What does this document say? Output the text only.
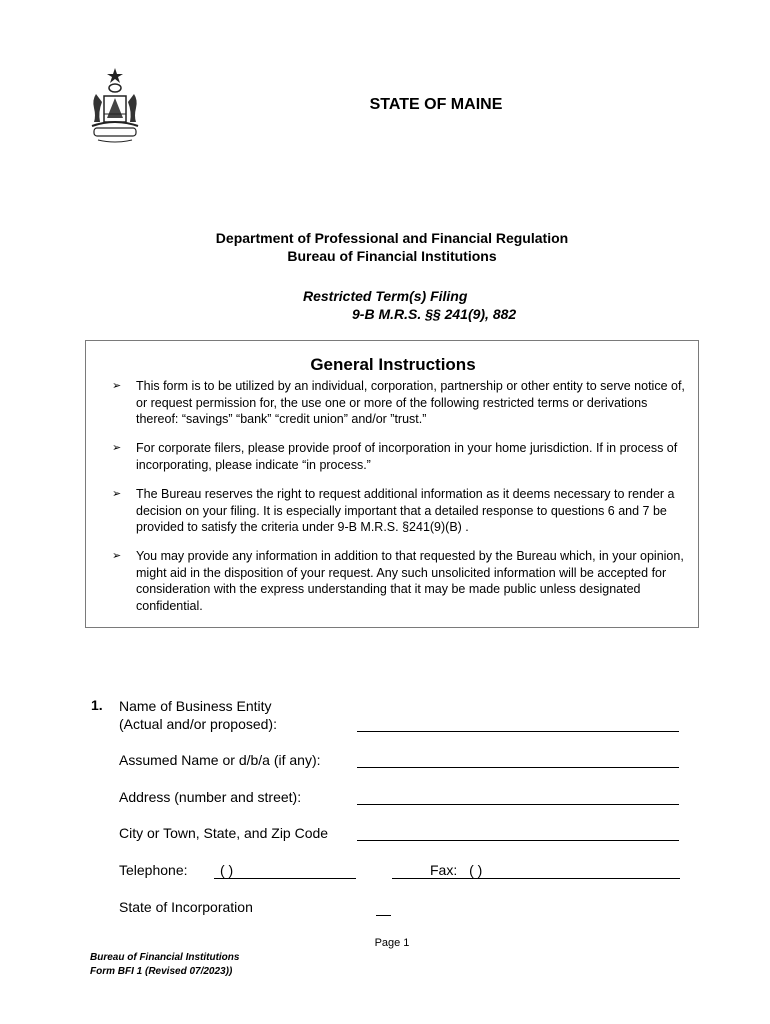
STATE OF MAINE
Department of Professional and Financial Regulation
Bureau of Financial Institutions
Restricted Term(s) Filing
9-B M.R.S. §§ 241(9), 882
General Instructions
➢ This form is to be utilized by an individual, corporation, partnership or other entity to serve notice of, or request permission for, the use one or more of the following restricted terms or derivations thereof: “savings” “bank” “credit union” and/or ”trust.”
➢ For corporate filers, please provide proof of incorporation in your home jurisdiction. If in process of incorporating, please indicate “in process.”
➢ The Bureau reserves the right to request additional information as it deems necessary to render a decision on your filing. It is especially important that a detailed response to questions 6 and 7 be provided to satisfy the criteria under 9-B M.R.S. §241(9)(B) .
➢ You may provide any information in addition to that requested by the Bureau which, in your opinion, might aid in the disposition of your request. Any such unsolicited information will be accepted for consideration with the express understanding that it may be made public unless designated confidential.
1. Name of Business Entity
(Actual and/or proposed):
Assumed Name or d/b/a (if any):
Address (number and street):
City or Town, State, and Zip Code
Telephone:	( )	Fax: ( )
State of Incorporation
Page 1
Bureau of Financial Institutions
Form BFI 1 (Revised 07/2023))
